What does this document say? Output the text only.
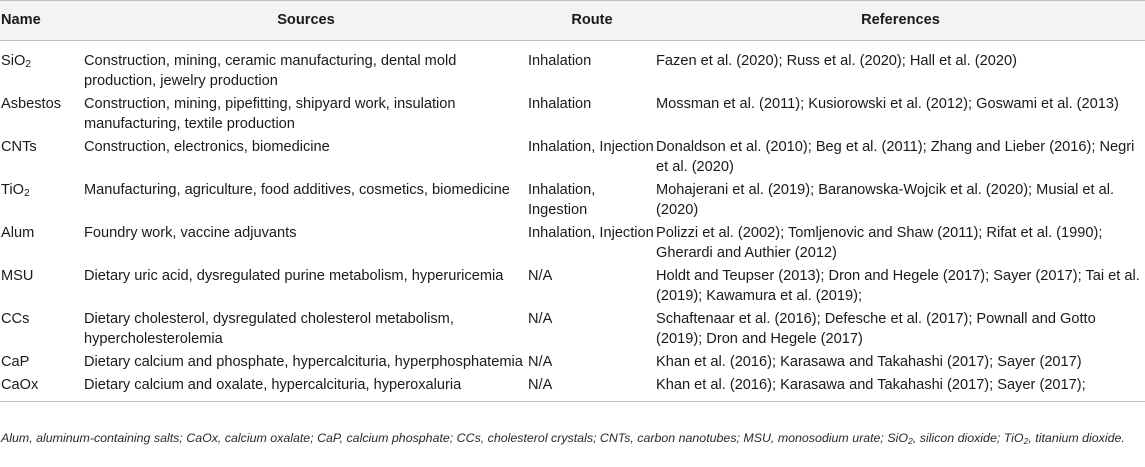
Name	Sources	Route	References
SiO$_2$	Construction, mining, ceramic manufacturing, dental mold production, jewelry production	Inhalation	Fazen et al. (2020); Russ et al. (2020); Hall et al. (2020)
Asbestos	Construction, mining, pipefitting, shipyard work, insulation manufacturing, textile production	Inhalation	Mossman et al. (2011); Kusiorowski et al. (2012); Goswami et al. (2013)
CNTs	Construction, electronics, biomedicine	Inhalation, Injection	Donaldson et al. (2010); Beg et al. (2011); Zhang and Lieber (2016); Negri et al. (2020)
TiO$_2$	Manufacturing, agriculture, food additives, cosmetics, biomedicine	Inhalation, Ingestion	Mohajerani et al. (2019); Baranowska-Wojcik et al. (2020); Musial et al. (2020)
Alum	Foundry work, vaccine adjuvants	Inhalation, Injection	Polizzi et al. (2002); Tomljenovic and Shaw (2011); Rifat et al. (1990); Gherardi and Authier (2012)
MSU	Dietary uric acid, dysregulated purine metabolism, hyperuricemia	N/A	Holdt and Teupser (2013); Dron and Hegele (2017); Sayer (2017); Tai et al. (2019); Kawamura et al. (2019);
CCs	Dietary cholesterol, dysregulated cholesterol metabolism, hypercholesterolemia	N/A	Schaftenaar et al. (2016); Defesche et al. (2017); Pownall and Gotto (2019); Dron and Hegele (2017)
CaP	Dietary calcium and phosphate, hypercalcituria, hyperphosphatemia	N/A	Khan et al. (2016); Karasawa and Takahashi (2017); Sayer (2017)
CaOx	Dietary calcium and oxalate, hypercalcituria, hyperoxaluria	N/A	Khan et al. (2016); Karasawa and Takahashi (2017); Sayer (2017);
Alum, aluminum-containing salts; CaOx, calcium oxalate; CaP, calcium phosphate; CCs, cholesterol crystals; CNTs, carbon nanotubes; MSU, monosodium urate; SiO$_2$, silicon dioxide; TiO$_2$, titanium dioxide.
